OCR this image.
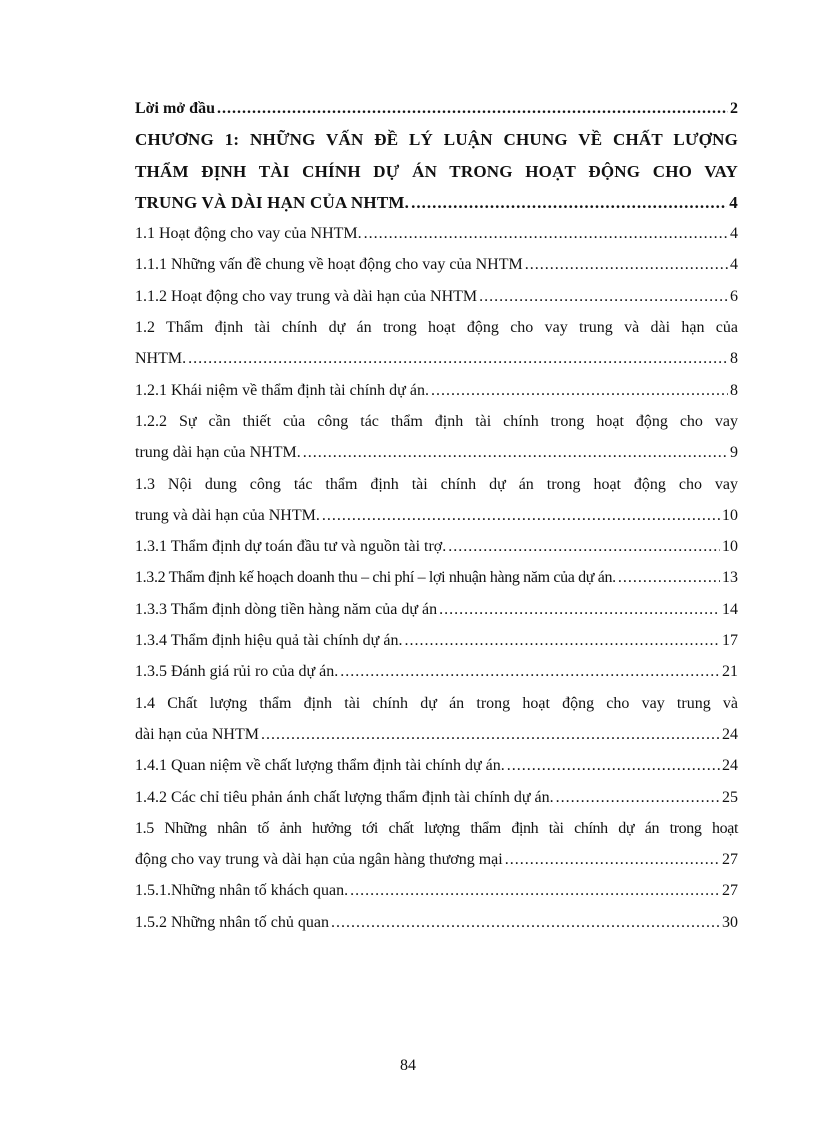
Lời mở đầu .....	2
CHƯƠNG 1: NHỮNG VẤN ĐỀ LÝ LUẬN CHUNG VỀ CHẤT LƯỢNG
THẨM ĐỊNH TÀI CHÍNH DỰ ÁN TRONG HOẠT ĐỘNG CHO VAY
TRUNG VÀ DÀI HẠN CỦA NHTM. .....	4
1.1 Hoạt động cho vay của NHTM. .....	4
1.1.1 Những vấn đề chung về hoạt động cho vay của NHTM .....	4
1.1.2 Hoạt động cho vay trung và dài hạn của NHTM .....	6
1.2 Thẩm định tài chính dự án trong hoạt động cho vay trung và dài hạn của
NHTM. .....	8
1.2.1 Khái niệm về thẩm định tài chính dự án. .....	8
1.2.2 Sự cần thiết của công tác thẩm định tài chính trong hoạt động cho vay
trung dài hạn của NHTM. .....	9
1.3 Nội dung công tác thẩm định tài chính dự án trong hoạt động cho vay
trung và dài hạn của NHTM. .....	10
1.3.1 Thẩm định dự toán đầu tư và nguồn tài trợ. .....	10
1.3.2 Thẩm định kế hoạch doanh thu – chi phí – lợi nhuận hàng năm của dự án. .....	13
1.3.3 Thẩm định dòng tiền hàng năm của dự án .....	14
1.3.4 Thẩm định hiệu quả tài chính dự án. .....	17
1.3.5 Đánh giá rủi ro của dự án. .....	21
1.4 Chất lượng thẩm định tài chính dự án trong hoạt động cho vay trung và
dài hạn của NHTM .....	24
1.4.1 Quan niệm về chất lượng thẩm định tài chính dự án. .....	24
1.4.2 Các chỉ tiêu phản ánh chất lượng thẩm định tài chính dự án. .....	25
1.5 Những nhân tố ảnh hưởng tới chất lượng thẩm định tài chính dự án trong hoạt
động cho vay trung và dài hạn của ngân hàng thương mại .....	27
1.5.1.Những nhân tố khách quan. .....	27
1.5.2 Những nhân tố chủ quan .....	30
84
